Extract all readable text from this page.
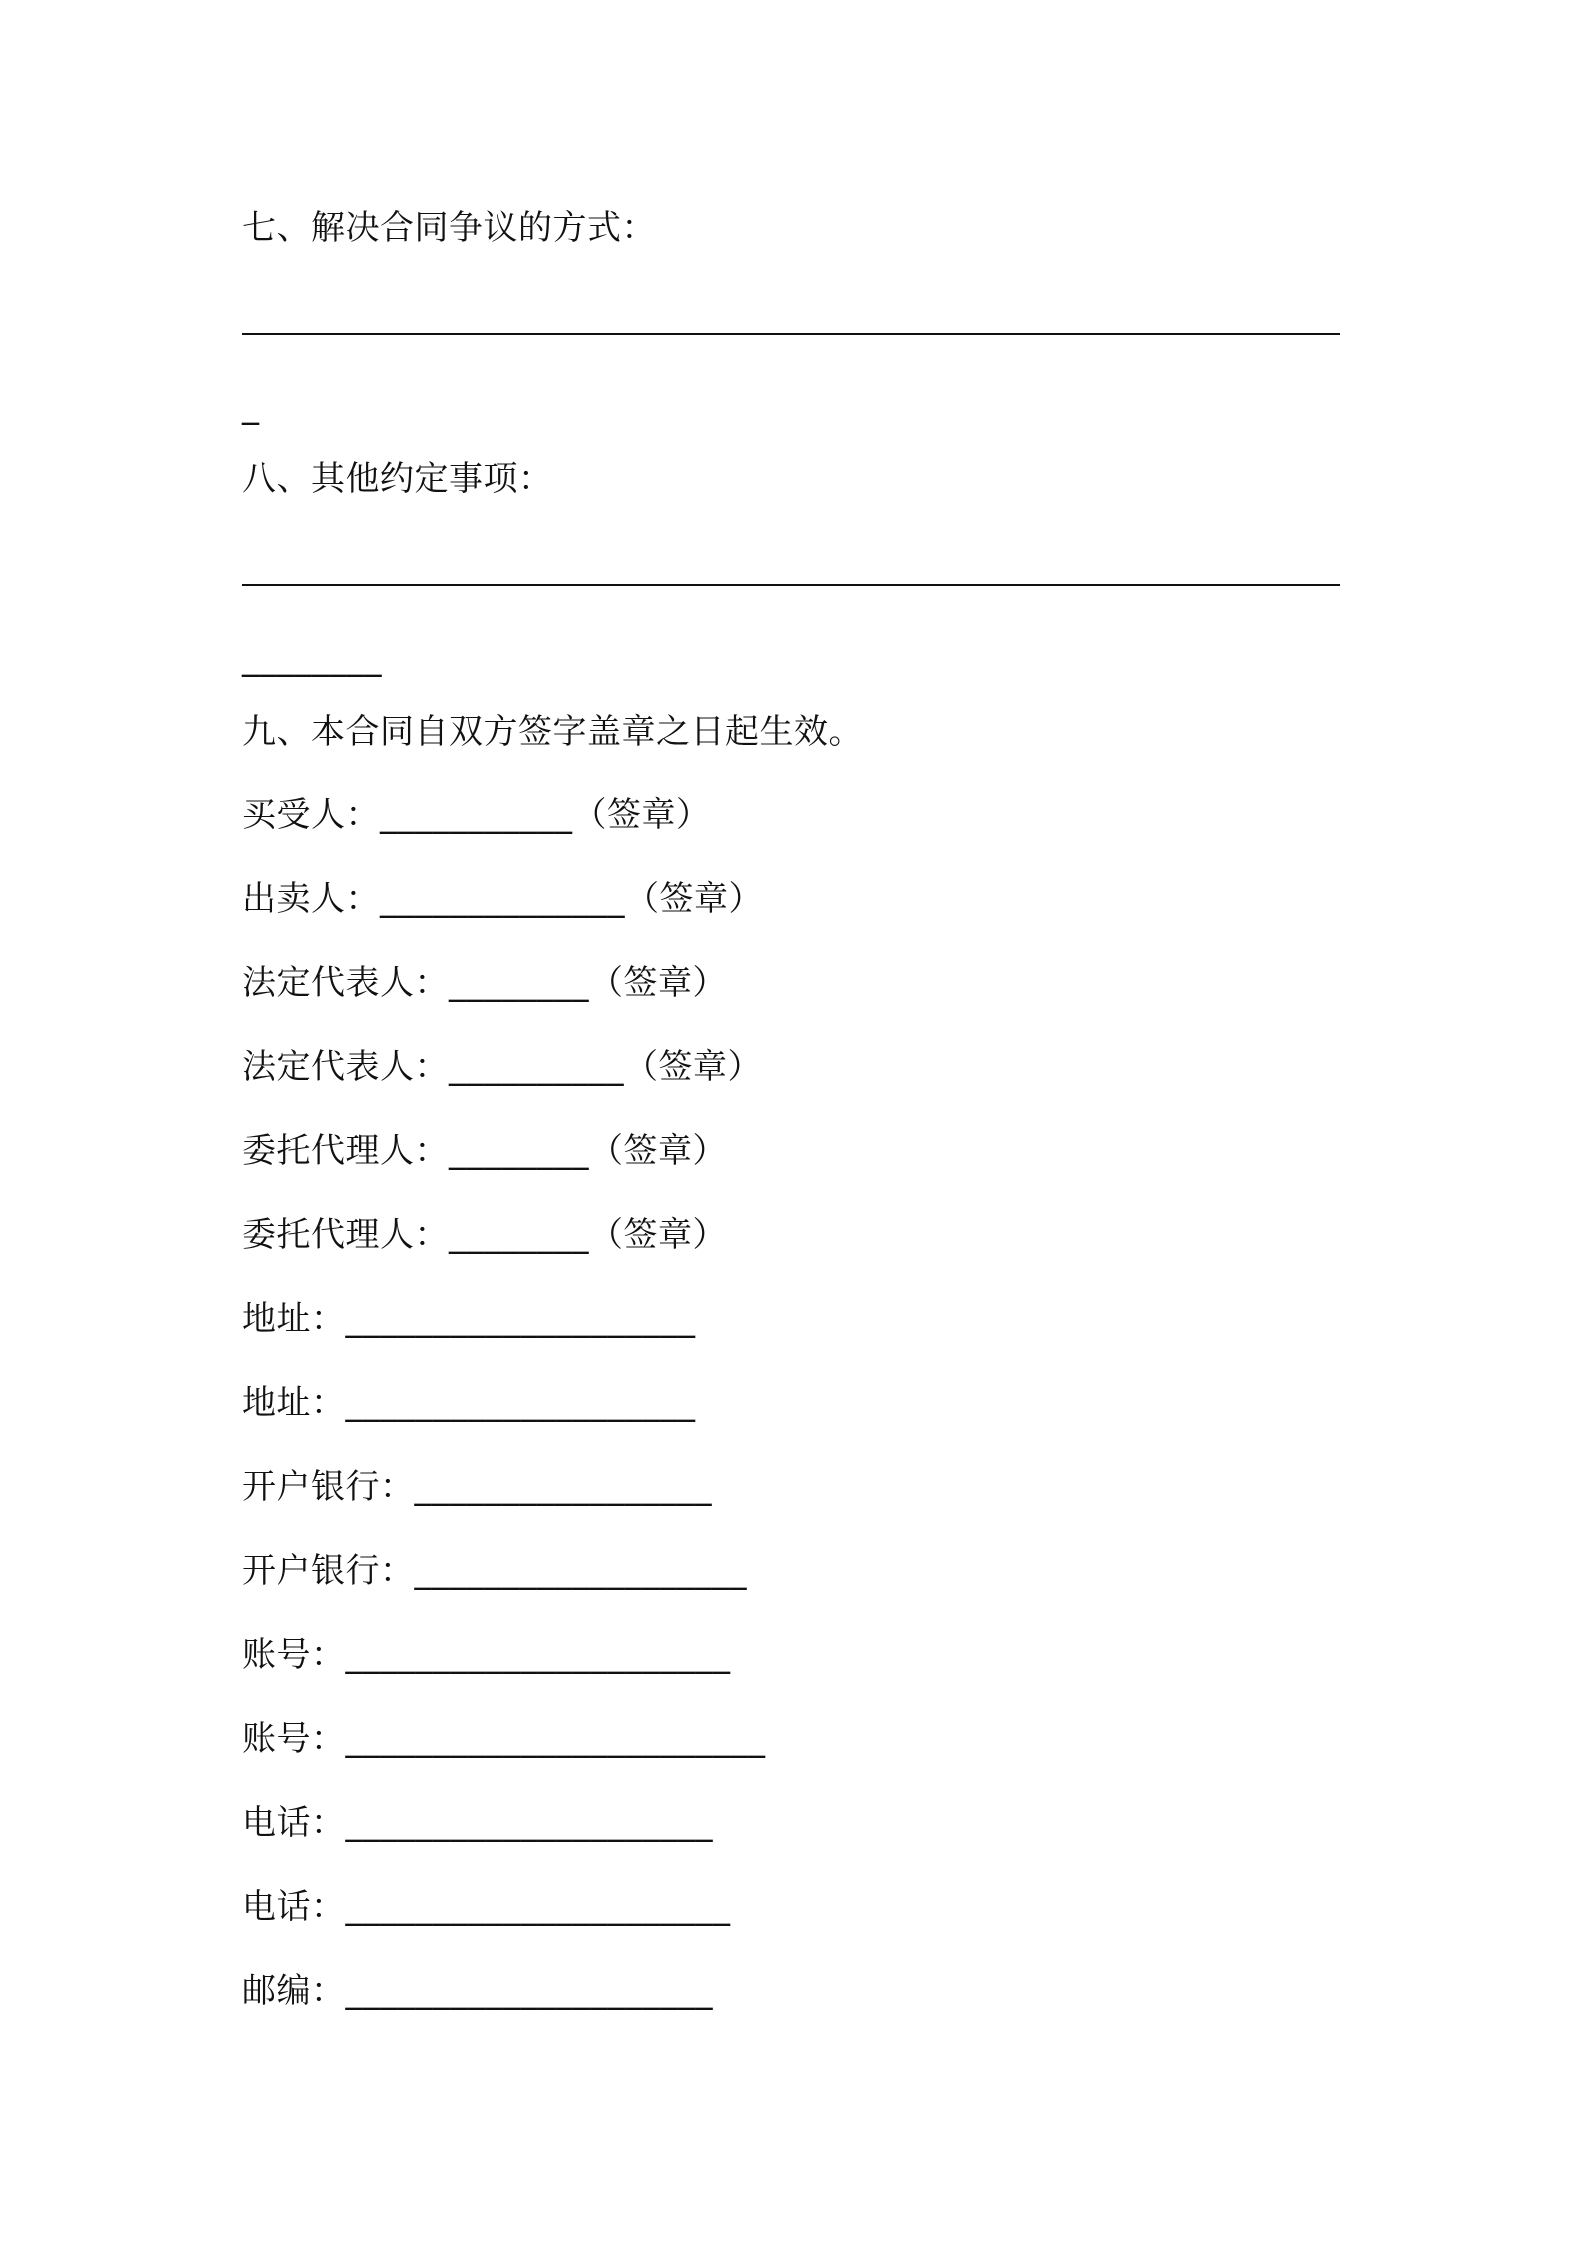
七、解决合同争议的方式：
_
八、其他约定事项：
________
九、本合同自双方签字盖章之日起生效。
买受人：___________（签章）
出卖人：______________（签章）
法定代表人：________（签章）
法定代表人：__________（签章）
委托代理人：________（签章）
委托代理人：________（签章）
地址：____________________
地址：____________________
开户银行：_________________
开户银行：___________________
账号：______________________
账号：________________________
电话：_____________________
电话：______________________
邮编：_____________________
